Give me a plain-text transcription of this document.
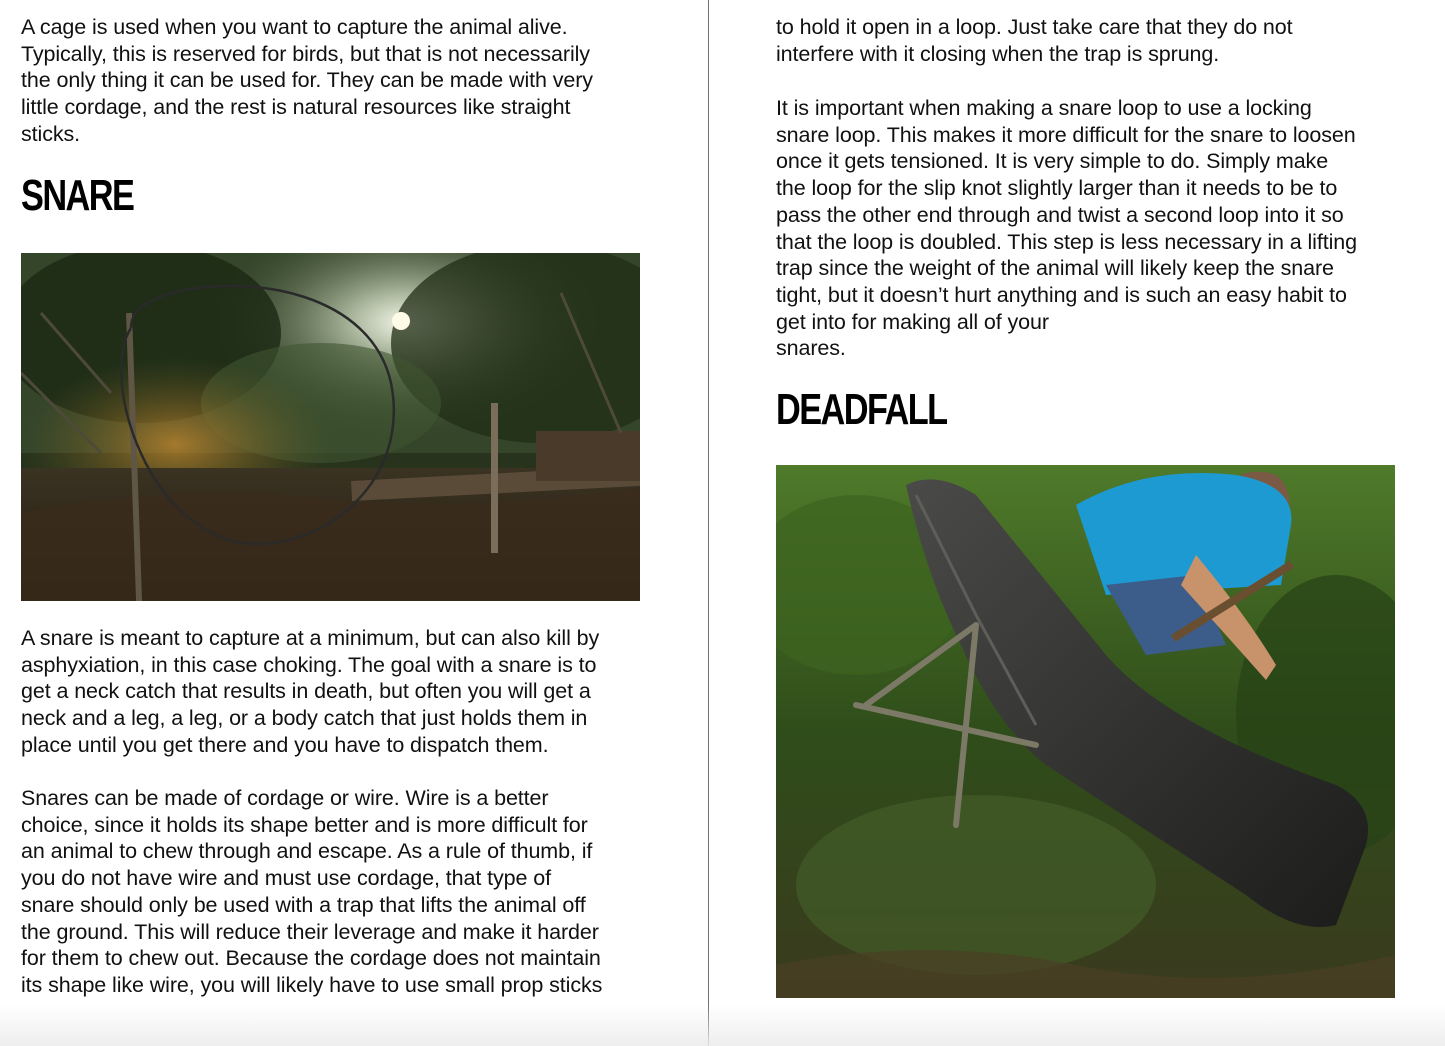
A cage is used when you want to capture the animal alive.
Typically, this is reserved for birds, but that is not necessarily
the only thing it can be used for. They can be made with very
little cordage, and the rest is natural resources like straight
sticks.

SNARE

A snare is meant to capture at a minimum, but can also kill by
asphyxiation, in this case choking. The goal with a snare is to
get a neck catch that results in death, but often you will get a
neck and a leg, a leg, or a body catch that just holds them in
place until you get there and you have to dispatch them.

Snares can be made of cordage or wire. Wire is a better
choice, since it holds its shape better and is more difficult for
an animal to chew through and escape. As a rule of thumb, if
you do not have wire and must use cordage, that type of
snare should only be used with a trap that lifts the animal off
the ground. This will reduce their leverage and make it harder
for them to chew out. Because the cordage does not maintain
its shape like wire, you will likely have to use small prop sticks

to hold it open in a loop. Just take care that they do not
interfere with it closing when the trap is sprung.

It is important when making a snare loop to use a locking
snare loop. This makes it more difficult for the snare to loosen
once it gets tensioned. It is very simple to do. Simply make
the loop for the slip knot slightly larger than it needs to be to
pass the other end through and twist a second loop into it so
that the loop is doubled. This step is less necessary in a lifting
trap since the weight of the animal will likely keep the snare
tight, but it doesn’t hurt anything and is such an easy habit to
get into for making all of your
snares.

DEADFALL
